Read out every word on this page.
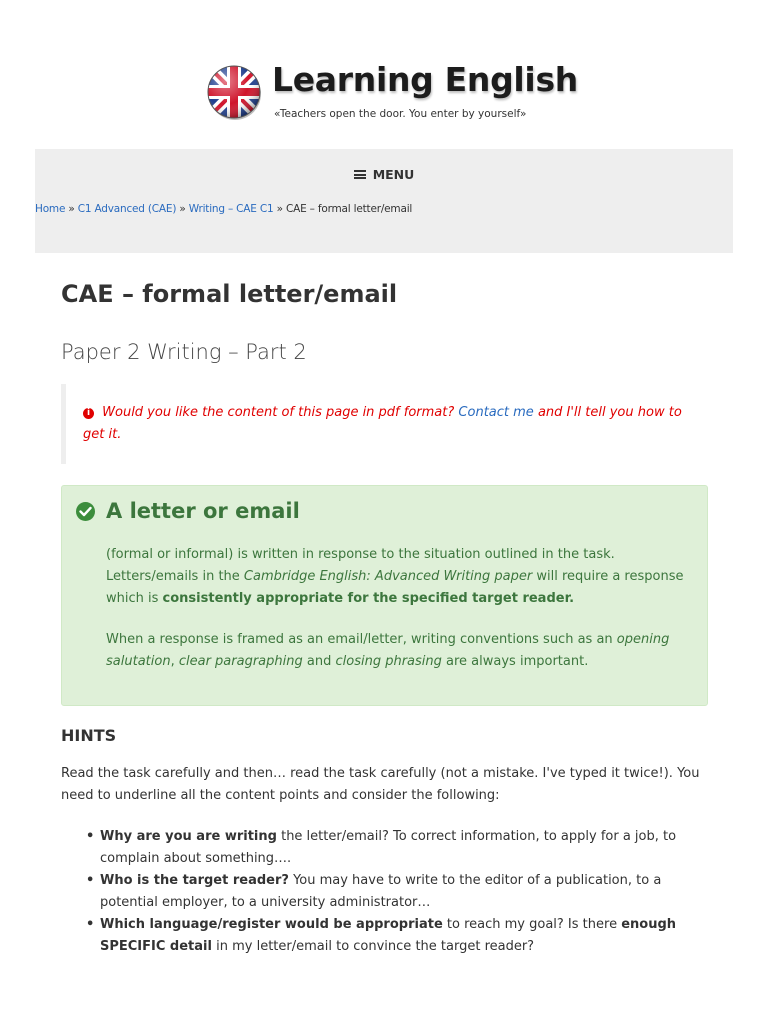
Learning English
«Teachers open the door. You enter by yourself»
MENU
Home » C1 Advanced (CAE) » Writing – CAE C1 » CAE – formal letter/email
CAE – formal letter/email
Paper 2 Writing – Part 2
i Would you like the content of this page in pdf format? Contact me and I'll tell you how to get it.
A letter or email

(formal or informal) is written in response to the situation outlined in the task. Letters/emails in the Cambridge English: Advanced Writing paper will require a response which is consistently appropriate for the specified target reader.

When a response is framed as an email/letter, writing conventions such as an opening salutation, clear paragraphing and closing phrasing are always important.

HINTS

Read the task carefully and then… read the task carefully (not a mistake. I've typed it twice!). You need to underline all the content points and consider the following:

• Why are you are writing the letter/email? To correct information, to apply for a job, to complain about something….
• Who is the target reader? You may have to write to the editor of a publication, to a potential employer, to a university administrator…
• Which language/register would be appropriate to reach my goal? Is there enough SPECIFIC detail in my letter/email to convince the target reader?
